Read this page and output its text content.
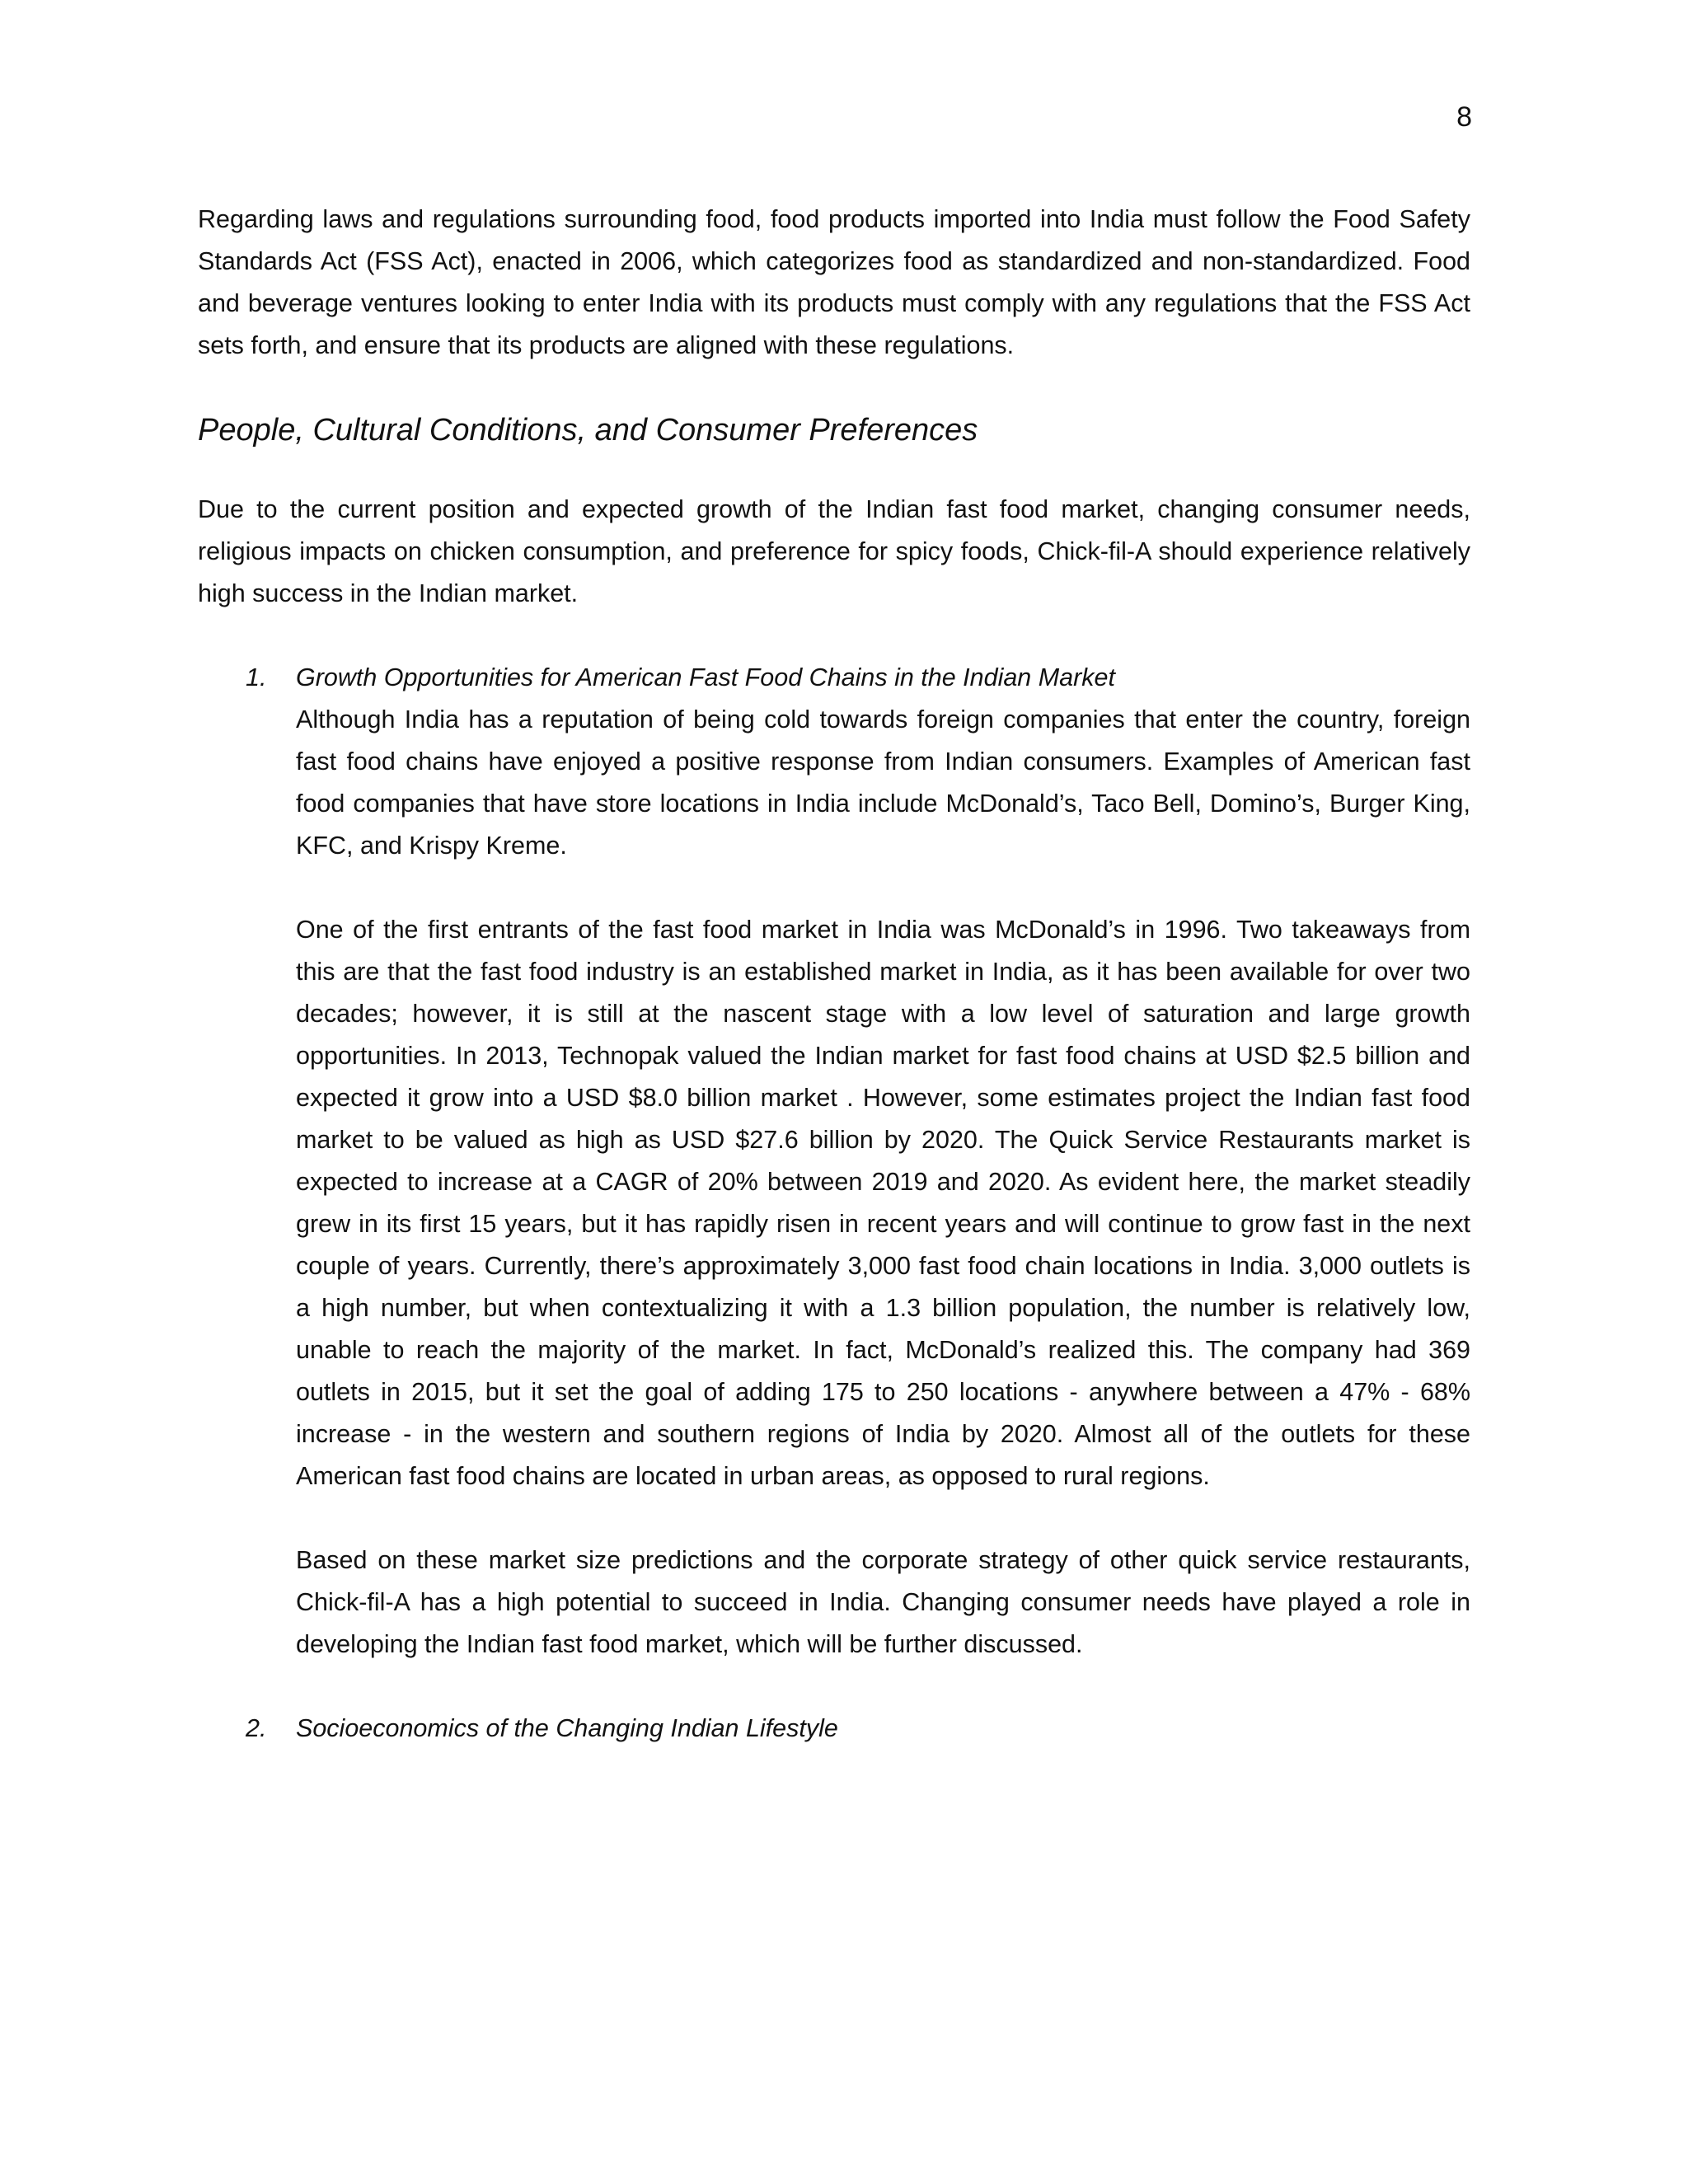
8

Regarding laws and regulations surrounding food, food products imported into India must follow the Food Safety Standards Act (FSS Act), enacted in 2006, which categorizes food as standardized and non-standardized. Food and beverage ventures looking to enter India with its products must comply with any regulations that the FSS Act sets forth, and ensure that its products are aligned with these regulations.

People, Cultural Conditions, and Consumer Preferences

Due to the current position and expected growth of the Indian fast food market, changing consumer needs, religious impacts on chicken consumption, and preference for spicy foods, Chick-fil-A should experience relatively high success in the Indian market.

1. Growth Opportunities for American Fast Food Chains in the Indian Market

Although India has a reputation of being cold towards foreign companies that enter the country, foreign fast food chains have enjoyed a positive response from Indian consumers. Examples of American fast food companies that have store locations in India include McDonald’s, Taco Bell, Domino’s, Burger King, KFC, and Krispy Kreme.

One of the first entrants of the fast food market in India was McDonald’s in 1996. Two takeaways from this are that the fast food industry is an established market in India, as it has been available for over two decades; however, it is still at the nascent stage with a low level of saturation and large growth opportunities. In 2013, Technopak valued the Indian market for fast food chains at USD $2.5 billion and expected it grow into a USD $8.0 billion market . However, some estimates project the Indian fast food market to be valued as high as USD $27.6 billion by 2020. The Quick Service Restaurants market is expected to increase at a CAGR of 20% between 2019 and 2020. As evident here, the market steadily grew in its first 15 years, but it has rapidly risen in recent years and will continue to grow fast in the next couple of years. Currently, there’s approximately 3,000 fast food chain locations in India. 3,000 outlets is a high number, but when contextualizing it with a 1.3 billion population, the number is relatively low, unable to reach the majority of the market. In fact, McDonald’s realized this. The company had 369 outlets in 2015, but it set the goal of adding 175 to 250 locations - anywhere between a 47% - 68% increase - in the western and southern regions of India by 2020. Almost all of the outlets for these American fast food chains are located in urban areas, as opposed to rural regions.

Based on these market size predictions and the corporate strategy of other quick service restaurants, Chick-fil-A has a high potential to succeed in India. Changing consumer needs have played a role in developing the Indian fast food market, which will be further discussed.

2. Socioeconomics of the Changing Indian Lifestyle
